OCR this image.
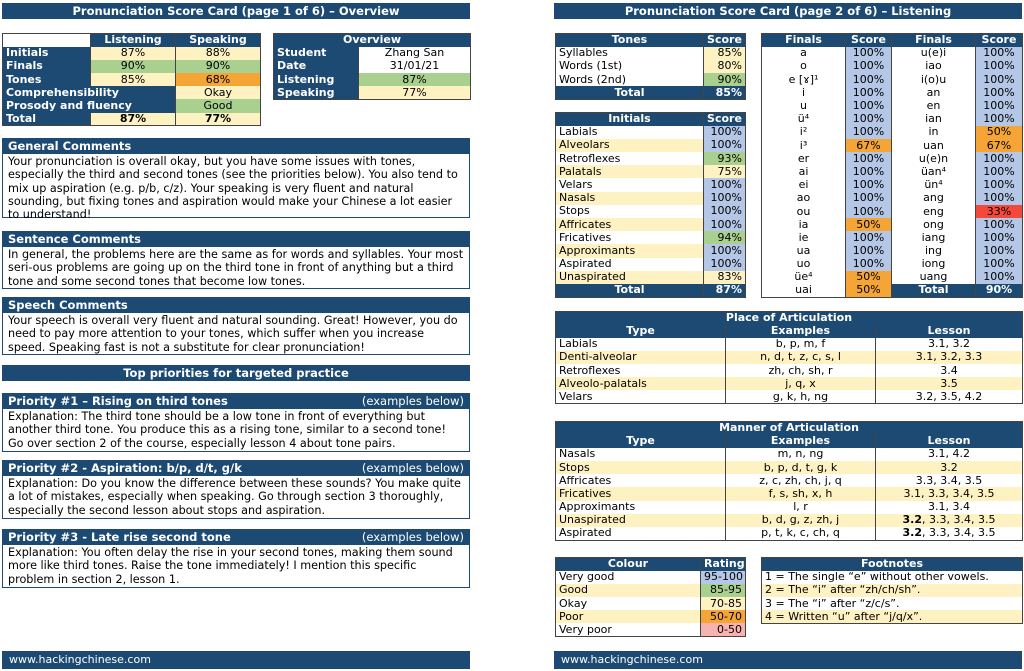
Pronunciation Score Card (page 1 of 6) – Overview
	Listening	Speaking
Initials	87%	88%
Finals	90%	90%
Tones	85%	68%
Comprehensibility		Okay
Prosody and fluency		Good
Total	87%	77%
Overview	
Student	Zhang San
Date	31/01/21
Listening	87%
Speaking	77%
General Comments
Your pronunciation is overall okay, but you have some issues with tones, especially the third and second tones (see the priorities below). You also tend to mix up aspiration (e.g. p/b, c/z). Your speaking is very fluent and natural sounding, but fixing tones and aspiration would make your Chinese a lot easier to understand!
Sentence Comments
In general, the problems here are the same as for words and syllables. Your most seri-ous problems are going up on the third tone in front of anything but a third tone and some second tones that become low tones.
Speech Comments
Your speech is overall very fluent and natural sounding. Great! However, you do need to pay more attention to your tones, which suffer when you increase speed. Speaking fast is not a substitute for clear pronunciation!
Top priorities for targeted practice
Priority #1 – Rising on third tones	(examples below)
Explanation: The third tone should be a low tone in front of everything but another third tone. You produce this as a rising tone, similar to a second tone! Go over section 2 of the course, especially lesson 4 about tone pairs.
Priority #2 - Aspiration: b/p, d/t, g/k	(examples below)
Explanation: Do you know the difference between these sounds? You make quite a lot of mistakes, especially when speaking. Go through section 3 thoroughly, especially the second lesson about stops and aspiration.
Priority #3 - Late rise second tone	(examples below)
Explanation: You often delay the rise in your second tones, making them sound more like third tones. Raise the tone immediately! I mention this specific problem in section 2, lesson 1.
www.hackingchinese.com
Pronunciation Score Card (page 2 of 6) – Listening
Tones	Score
Syllables	85%
Words (1st)	80%
Words (2nd)	90%
Total	85%
Initials	Score
Labials	100%
Alveolars	100%
Retroflexes	93%
Palatals	75%
Velars	100%
Nasals	100%
Stops	100%
Affricates	100%
Fricatives	94%
Approximants	100%
Aspirated	100%
Unaspirated	83%
Total	87%
Finals	Score	Finals	Score
a	100%	u(e)i	100%
o	100%	iao	100%
e [ɤ]¹	100%	i(o)u	100%
i	100%	an	100%
u	100%	en	100%
ü⁴	100%	ian	100%
i²	100%	in	50%
i³	67%	uan	67%
er	100%	u(e)n	100%
ai	100%	üan⁴	100%
ei	100%	ün⁴	100%
ao	100%	ang	100%
ou	100%	eng	33%
ia	50%	ong	100%
ie	100%	iang	100%
ua	100%	ing	100%
uo	100%	iong	100%
üe⁴	50%	uang	100%
uai	50%	Total	90%
Place of Articulation		
Type	Examples	Lesson
Labials	b, p, m, f	3.1, 3.2
Denti-alveolar	n, d, t, z, c, s, l	3.1, 3.2, 3.3
Retroflexes	zh, ch, sh, r	3.4
Alveolo-palatals	j, q, x	3.5
Velars	g, k, h, ng	3.2, 3.5, 4.2
Manner of Articulation		
Type	Examples	Lesson
Nasals	m, n, ng	3.1, 4.2
Stops	b, p, d, t, g, k	3.2
Affricates	z, c, zh, ch, j, q	3.3, 3.4, 3.5
Fricatives	f, s, sh, x, h	3.1, 3.3, 3.4, 3.5
Approximants	l, r	3.1, 3.4
Unaspirated	b, d, g, z, zh, j	3.2, 3.3, 3.4, 3.5
Aspirated	p, t, k, c, ch, q	3.2, 3.3, 3.4, 3.5
Colour	Rating
Very good	95-100
Good	85-95
Okay	70-85
Poor	50-70
Very poor	0-50
Footnotes
1 = The single “e” without other vowels.
2 = The “i” after “zh/ch/sh”.
3 = The “i” after “z/c/s”.
4 = Written “u” after “j/q/x”.
www.hackingchinese.com
